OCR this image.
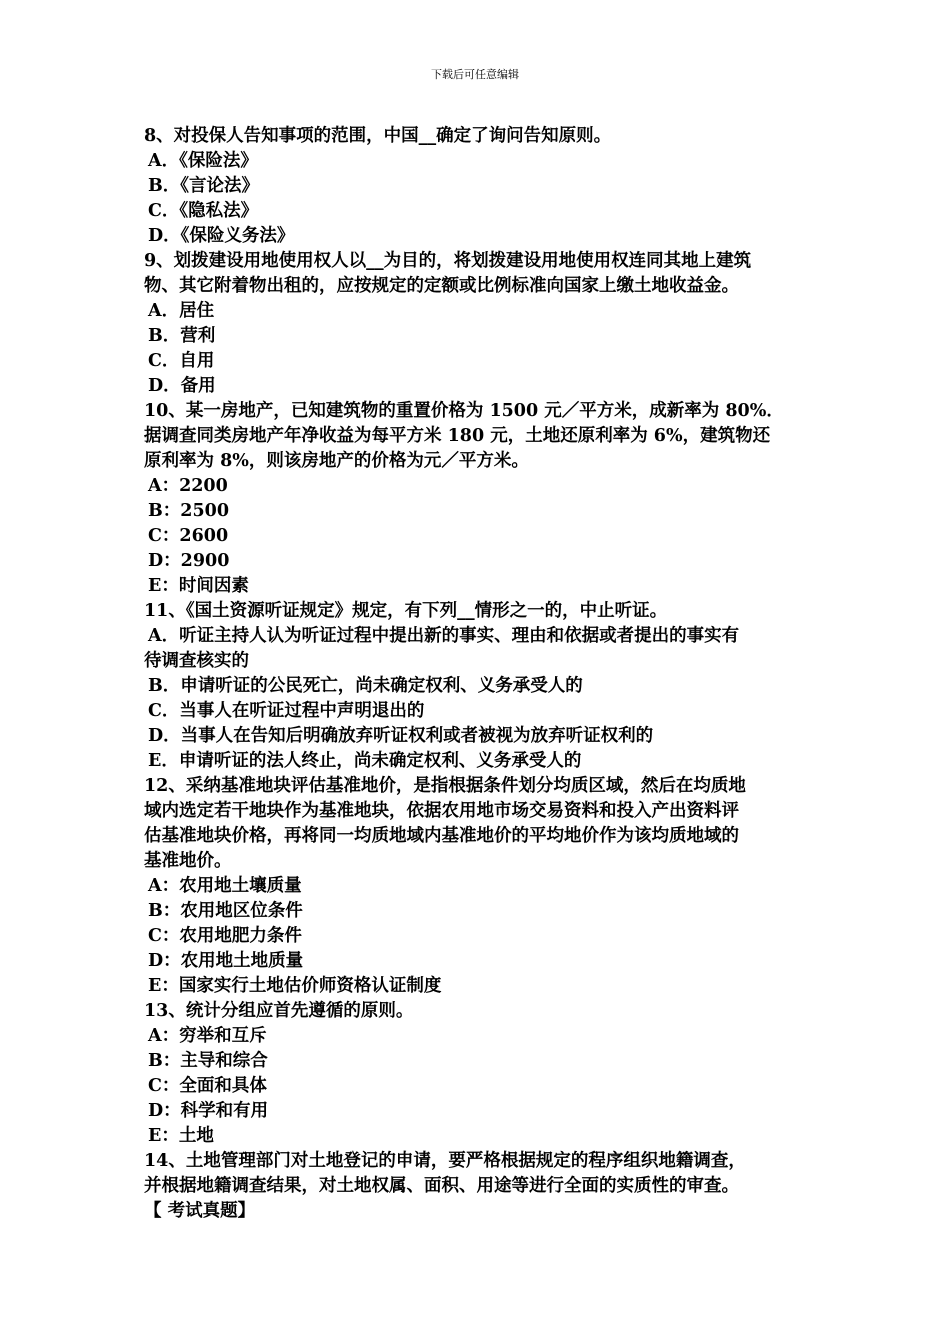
下载后可任意编辑
8、对投保人告知事项的范围，中国__确定了询问告知原则。
A．《保险法》
B．《言论法》
C．《隐私法》
D．《保险义务法》
9、划拨建设用地使用权人以__为目的，将划拨建设用地使用权连同其地上建筑
物、其它附着物出租的，应按规定的定额或比例标准向国家上缴土地收益金。
A．居住
B．营利
C．自用
D．备用
10、某一房地产，已知建筑物的重置价格为 1500 元／平方米，成新率为 80%．
据调查同类房地产年净收益为每平方米 180 元，土地还原利率为 6%，建筑物还
原利率为 8%，则该房地产的价格为元／平方米。
A：2200
B：2500
C：2600
D：2900
E：时间因素
11、《国土资源听证规定》规定，有下列__情形之一的，中止听证。
A．听证主持人认为听证过程中提出新的事实、理由和依据或者提出的事实有
待调查核实的
B．申请听证的公民死亡，尚未确定权利、义务承受人的
C．当事人在听证过程中声明退出的
D．当事人在告知后明确放弃听证权利或者被视为放弃听证权利的
E．申请听证的法人终止，尚未确定权利、义务承受人的
12、采纳基准地块评估基准地价，是指根据条件划分均质区域，然后在均质地
域内选定若干地块作为基准地块，依据农用地市场交易资料和投入产出资料评
估基准地块价格，再将同一均质地域内基准地价的平均地价作为该均质地域的
基准地价。
A：农用地土壤质量
B：农用地区位条件
C：农用地肥力条件
D：农用地土地质量
E：国家实行土地估价师资格认证制度
13、统计分组应首先遵循的原则。
A：穷举和互斥
B：主导和综合
C：全面和具体
D：科学和有用
E：土地
14、土地管理部门对土地登记的申请，要严格根据规定的程序组织地籍调查，
并根据地籍调查结果，对土地权属、面积、用途等进行全面的实质性的审查。
【 考试真题】
